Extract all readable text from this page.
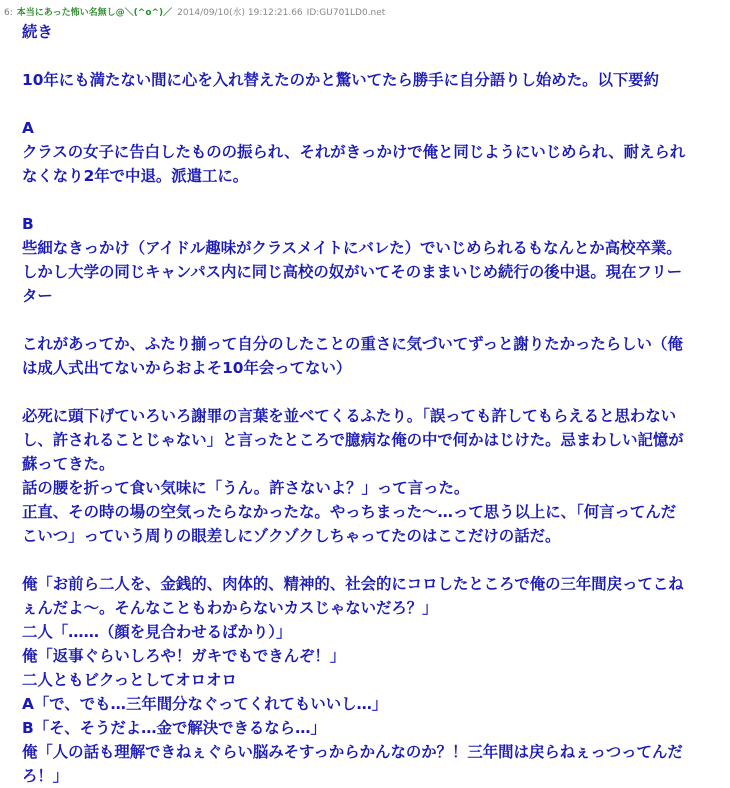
6: 本当にあった怖い名無し@＼(^o^)／ 2014/09/10(水) 19:12:21.66 ID:GU701LD0.net
続き
10年にも満たない間に心を入れ替えたのかと驚いてたら勝手に自分語りし始めた。以下要約
A
クラスの女子に告白したものの振られ、それがきっかけで俺と同じようにいじめられ、耐えられ
なくなり2年で中退。派遣工に。
B
些細なきっかけ（アイドル趣味がクラスメイトにバレた）でいじめられるもなんとか高校卒業。
しかし大学の同じキャンパス内に同じ高校の奴がいてそのままいじめ続行の後中退。現在フリー
ター
これがあってか、ふたり揃って自分のしたことの重さに気づいてずっと謝りたかったらしい（俺
は成人式出てないからおよそ10年会ってない）
必死に頭下げていろいろ謝罪の言葉を並べてくるふたり。「誤っても許してもらえると思わない
し、許されることじゃない」と言ったところで臆病な俺の中で何かはじけた。忌まわしい記憶が
蘇ってきた。
話の腰を折って食い気味に「うん。許さないよ？」って言った。
正直、その時の場の空気ったらなかったな。やっちまった〜…って思う以上に、「何言ってんだ
こいつ」っていう周りの眼差しにゾクゾクしちゃってたのはここだけの話だ。
俺「お前ら二人を、金銭的、肉体的、精神的、社会的にコロしたところで俺の三年間戻ってこね
ぇんだよ〜。そんなこともわからないカスじゃないだろ？」
二人「……（顔を見合わせるばかり）」
俺「返事ぐらいしろや！ガキでもできんぞ！」
二人ともビクっとしてオロオロ
A「で、でも…三年間分なぐってくれてもいいし…」
B「そ、そうだよ…金で解決できるなら…」
俺「人の話も理解できねぇぐらい脳みそすっからかんなのか？！三年間は戻らねぇっつってんだ
ろ！」
